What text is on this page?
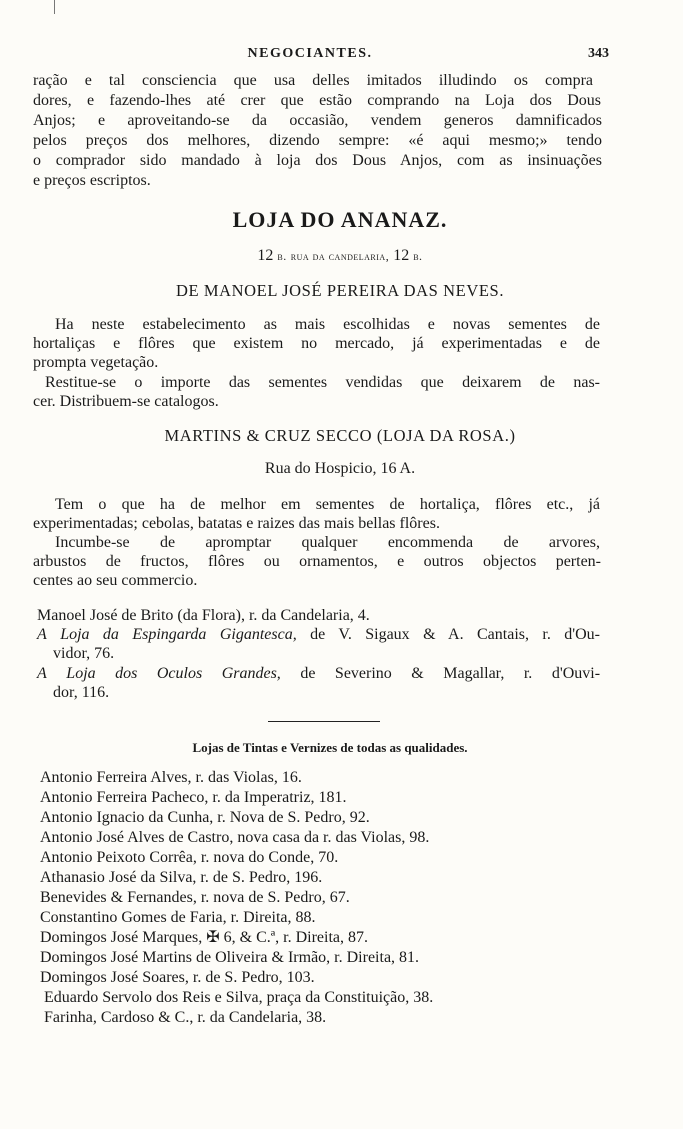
NEGOCIANTES.	343
ração e tal consciencia que usa delles imitados illudindo os compra
dores, e fazendo-lhes até crer que estão comprando na Loja dos Dous
Anjos; e aproveitando-se da occasião, vendem generos damnificados
pelos preços dos melhores, dizendo sempre: «é aqui mesmo;» tendo
o comprador sido mandado à loja dos Dous Anjos, com as insinuações
e preços escriptos.
LOJA DO ANANAZ.
12 b. rua da candelaria, 12 b.
DE MANOEL JOSÉ PEREIRA DAS NEVES.
Ha neste estabelecimento as mais escolhidas e novas sementes de
hortaliças e flôres que existem no mercado, já experimentadas e de
prompta vegetação.
Restitue-se o importe das sementes vendidas que deixarem de nas-
cer. Distribuem-se catalogos.
MARTINS & CRUZ SECCO (LOJA DA ROSA.)
Rua do Hospicio, 16 A.
Tem o que ha de melhor em sementes de hortaliça, flôres etc., já
experimentadas; cebolas, batatas e raizes das mais bellas flôres.
Incumbe-se de apromptar qualquer encommenda de arvores,
arbustos de fructos, flôres ou ornamentos, e outros objectos perten-
centes ao seu commercio.
Manoel José de Brito (da Flora), r. da Candelaria, 4.
A Loja da Espingarda Gigantesca, de V. Sigaux & A. Cantais, r. d'Ou-
vidor, 76.
A Loja dos Oculos Grandes, de Severino & Magallar, r. d'Ouvi-
dor, 116.
Lojas de Tintas e Vernizes de todas as qualidades.
Antonio Ferreira Alves, r. das Violas, 16.
Antonio Ferreira Pacheco, r. da Imperatriz, 181.
Antonio Ignacio da Cunha, r. Nova de S. Pedro, 92.
Antonio José Alves de Castro, nova casa da r. das Violas, 98.
Antonio Peixoto Corrêa, r. nova do Conde, 70.
Athanasio José da Silva, r. de S. Pedro, 196.
Benevides & Fernandes, r. nova de S. Pedro, 67.
Constantino Gomes de Faria, r. Direita, 88.
Domingos José Marques, ✠ 6, & C.ª, r. Direita, 87.
Domingos José Martins de Oliveira & Irmão, r. Direita, 81.
Domingos José Soares, r. de S. Pedro, 103.
Eduardo Servolo dos Reis e Silva, praça da Constituição, 38.
Farinha, Cardoso & C., r. da Candelaria, 38.
